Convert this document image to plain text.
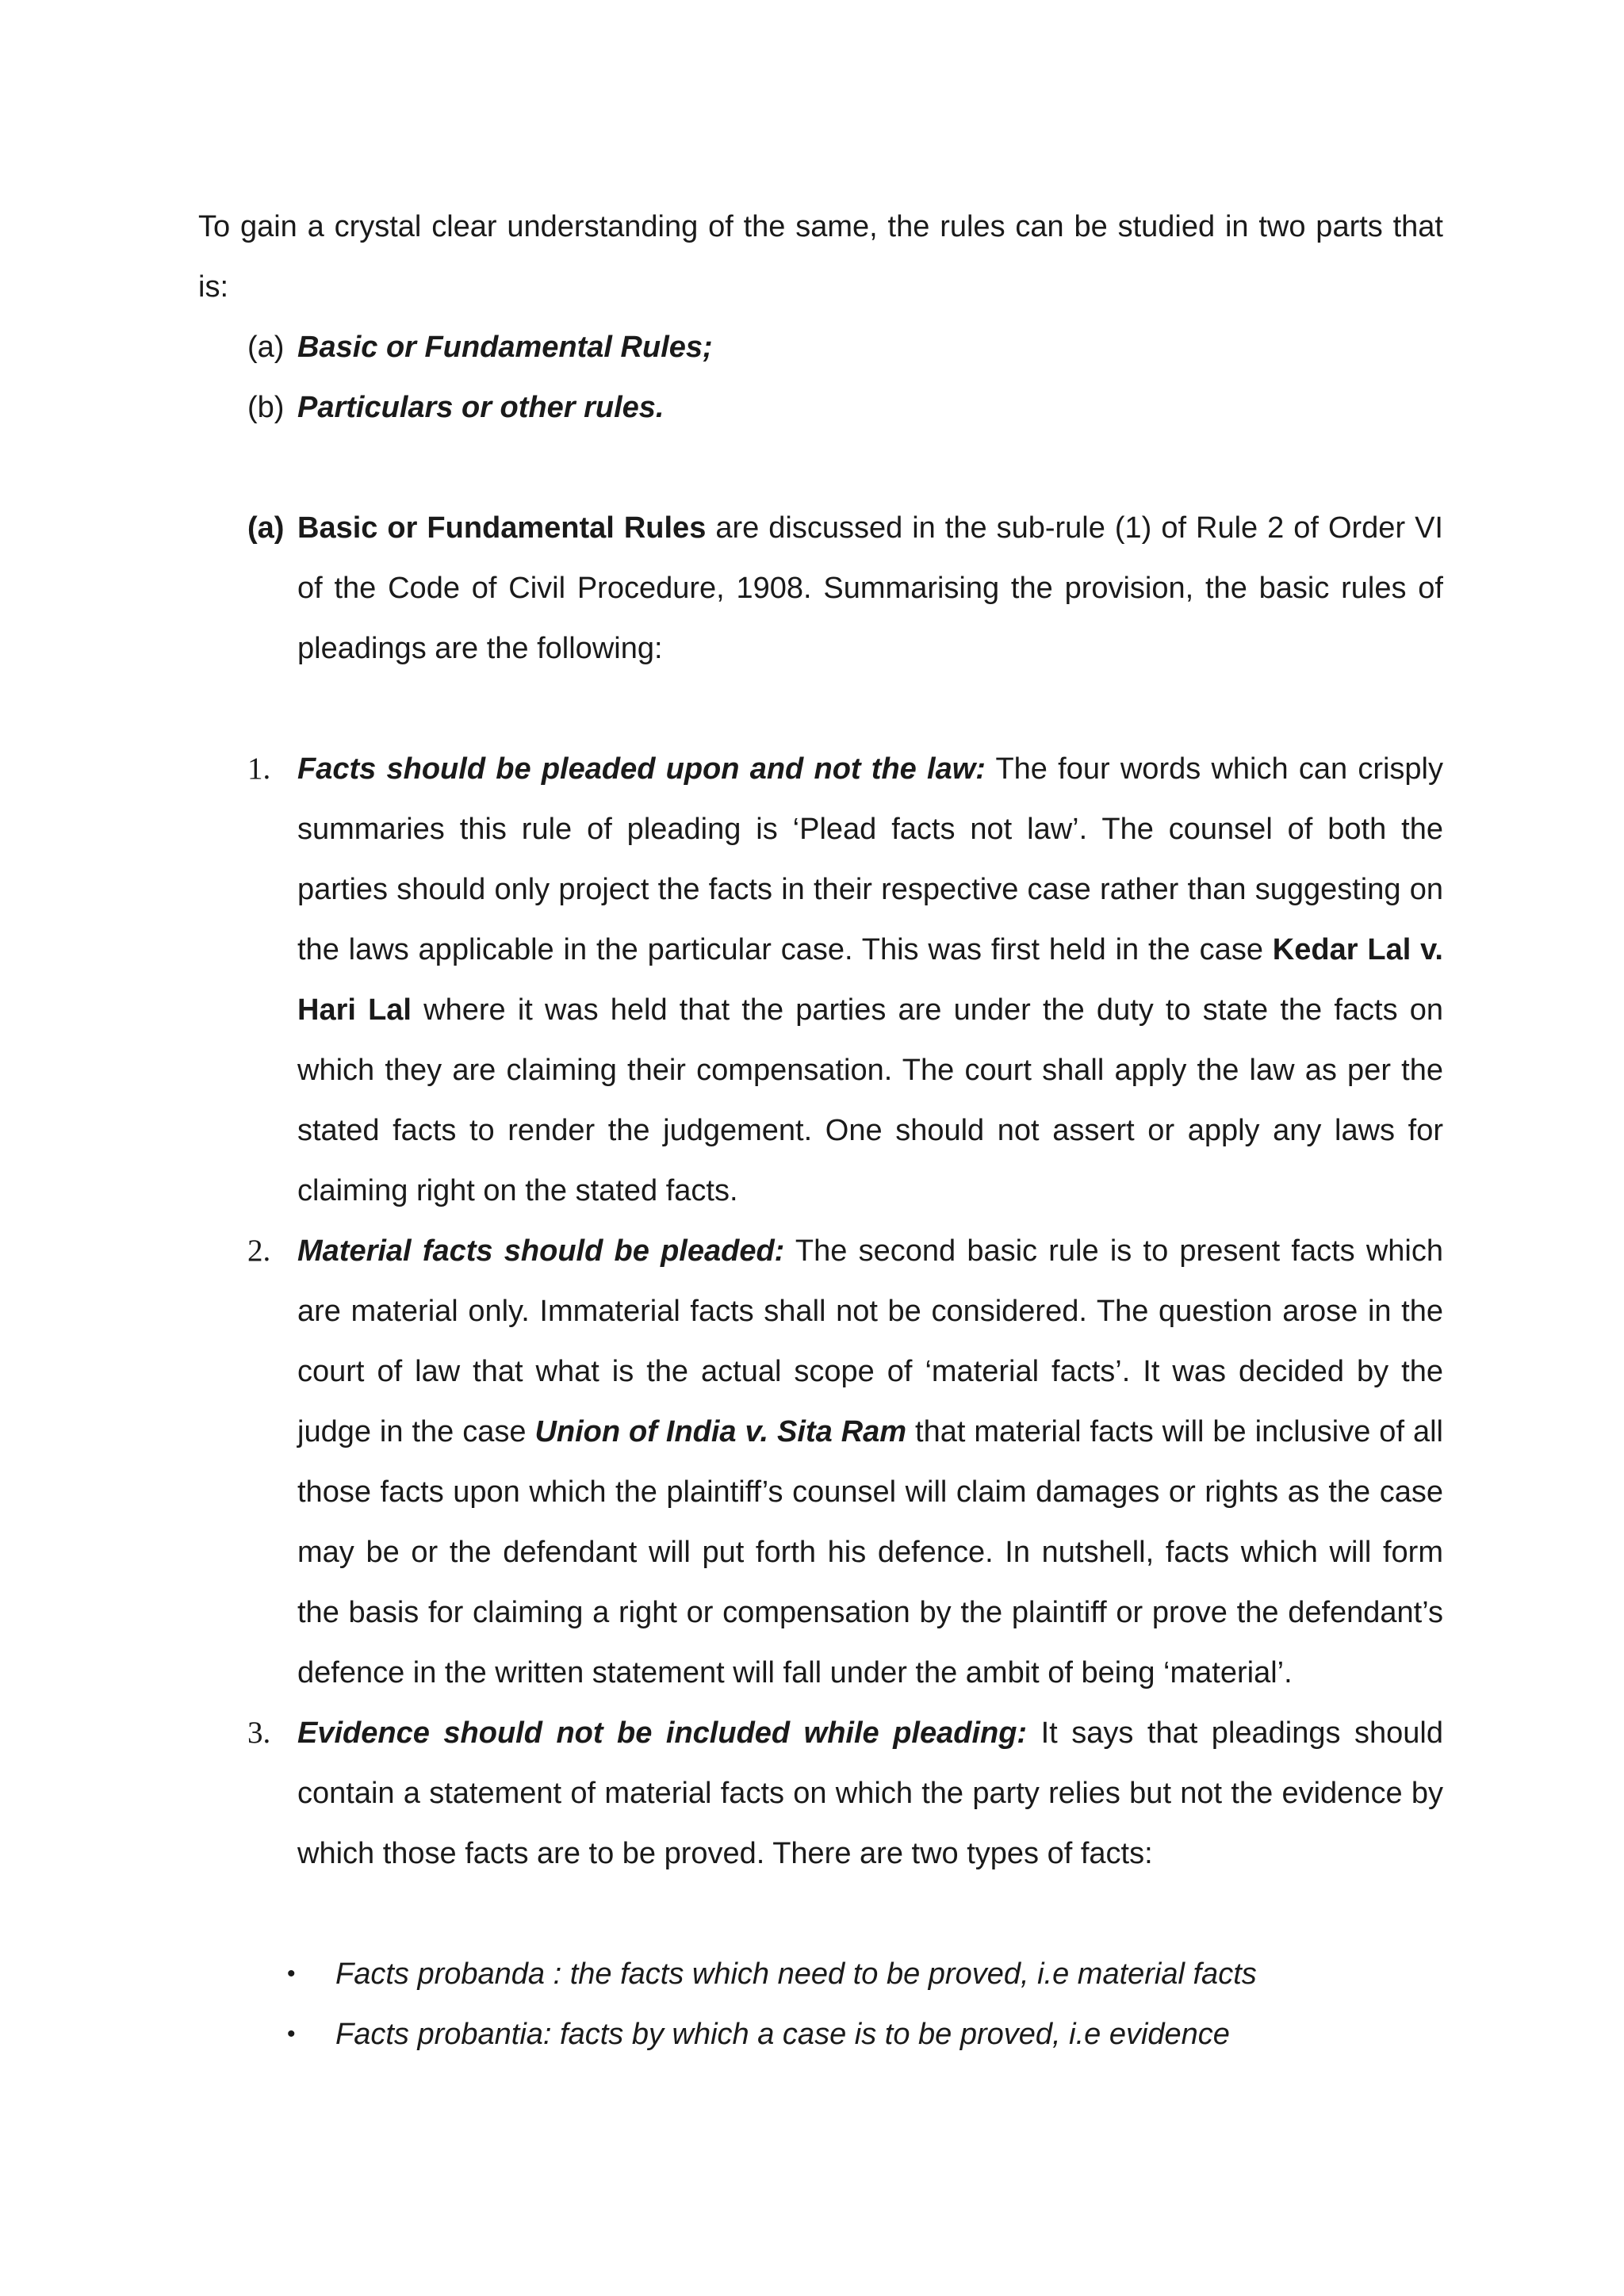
To gain a crystal clear understanding of the same, the rules can be studied in two parts that is:

(a) Basic or Fundamental Rules;
(b) Particulars or other rules.
(a) Basic or Fundamental Rules are discussed in the sub-rule (1) of Rule 2 of Order VI of the Code of Civil Procedure, 1908. Summarising the provision, the basic rules of pleadings are the following:
1. Facts should be pleaded upon and not the law: The four words which can crisply summaries this rule of pleading is ‘Plead facts not law’. The counsel of both the parties should only project the facts in their respective case rather than suggesting on the laws applicable in the particular case. This was first held in the case Kedar Lal v. Hari Lal where it was held that the parties are under the duty to state the facts on which they are claiming their compensation. The court shall apply the law as per the stated facts to render the judgement. One should not assert or apply any laws for claiming right on the stated facts.
2. Material facts should be pleaded: The second basic rule is to present facts which are material only. Immaterial facts shall not be considered. The question arose in the court of law that what is the actual scope of ‘material facts’. It was decided by the judge in the case Union of India v. Sita Ram that material facts will be inclusive of all those facts upon which the plaintiff’s counsel will claim damages or rights as the case may be or the defendant will put forth his defence. In nutshell, facts which will form the basis for claiming a right or compensation by the plaintiff or prove the defendant’s defence in the written statement will fall under the ambit of being ‘material’.
3. Evidence should not be included while pleading: It says that pleadings should contain a statement of material facts on which the party relies but not the evidence by which those facts are to be proved. There are two types of facts:
• Facts probanda : the facts which need to be proved, i.e material facts
• Facts probantia: facts by which a case is to be proved, i.e evidence
